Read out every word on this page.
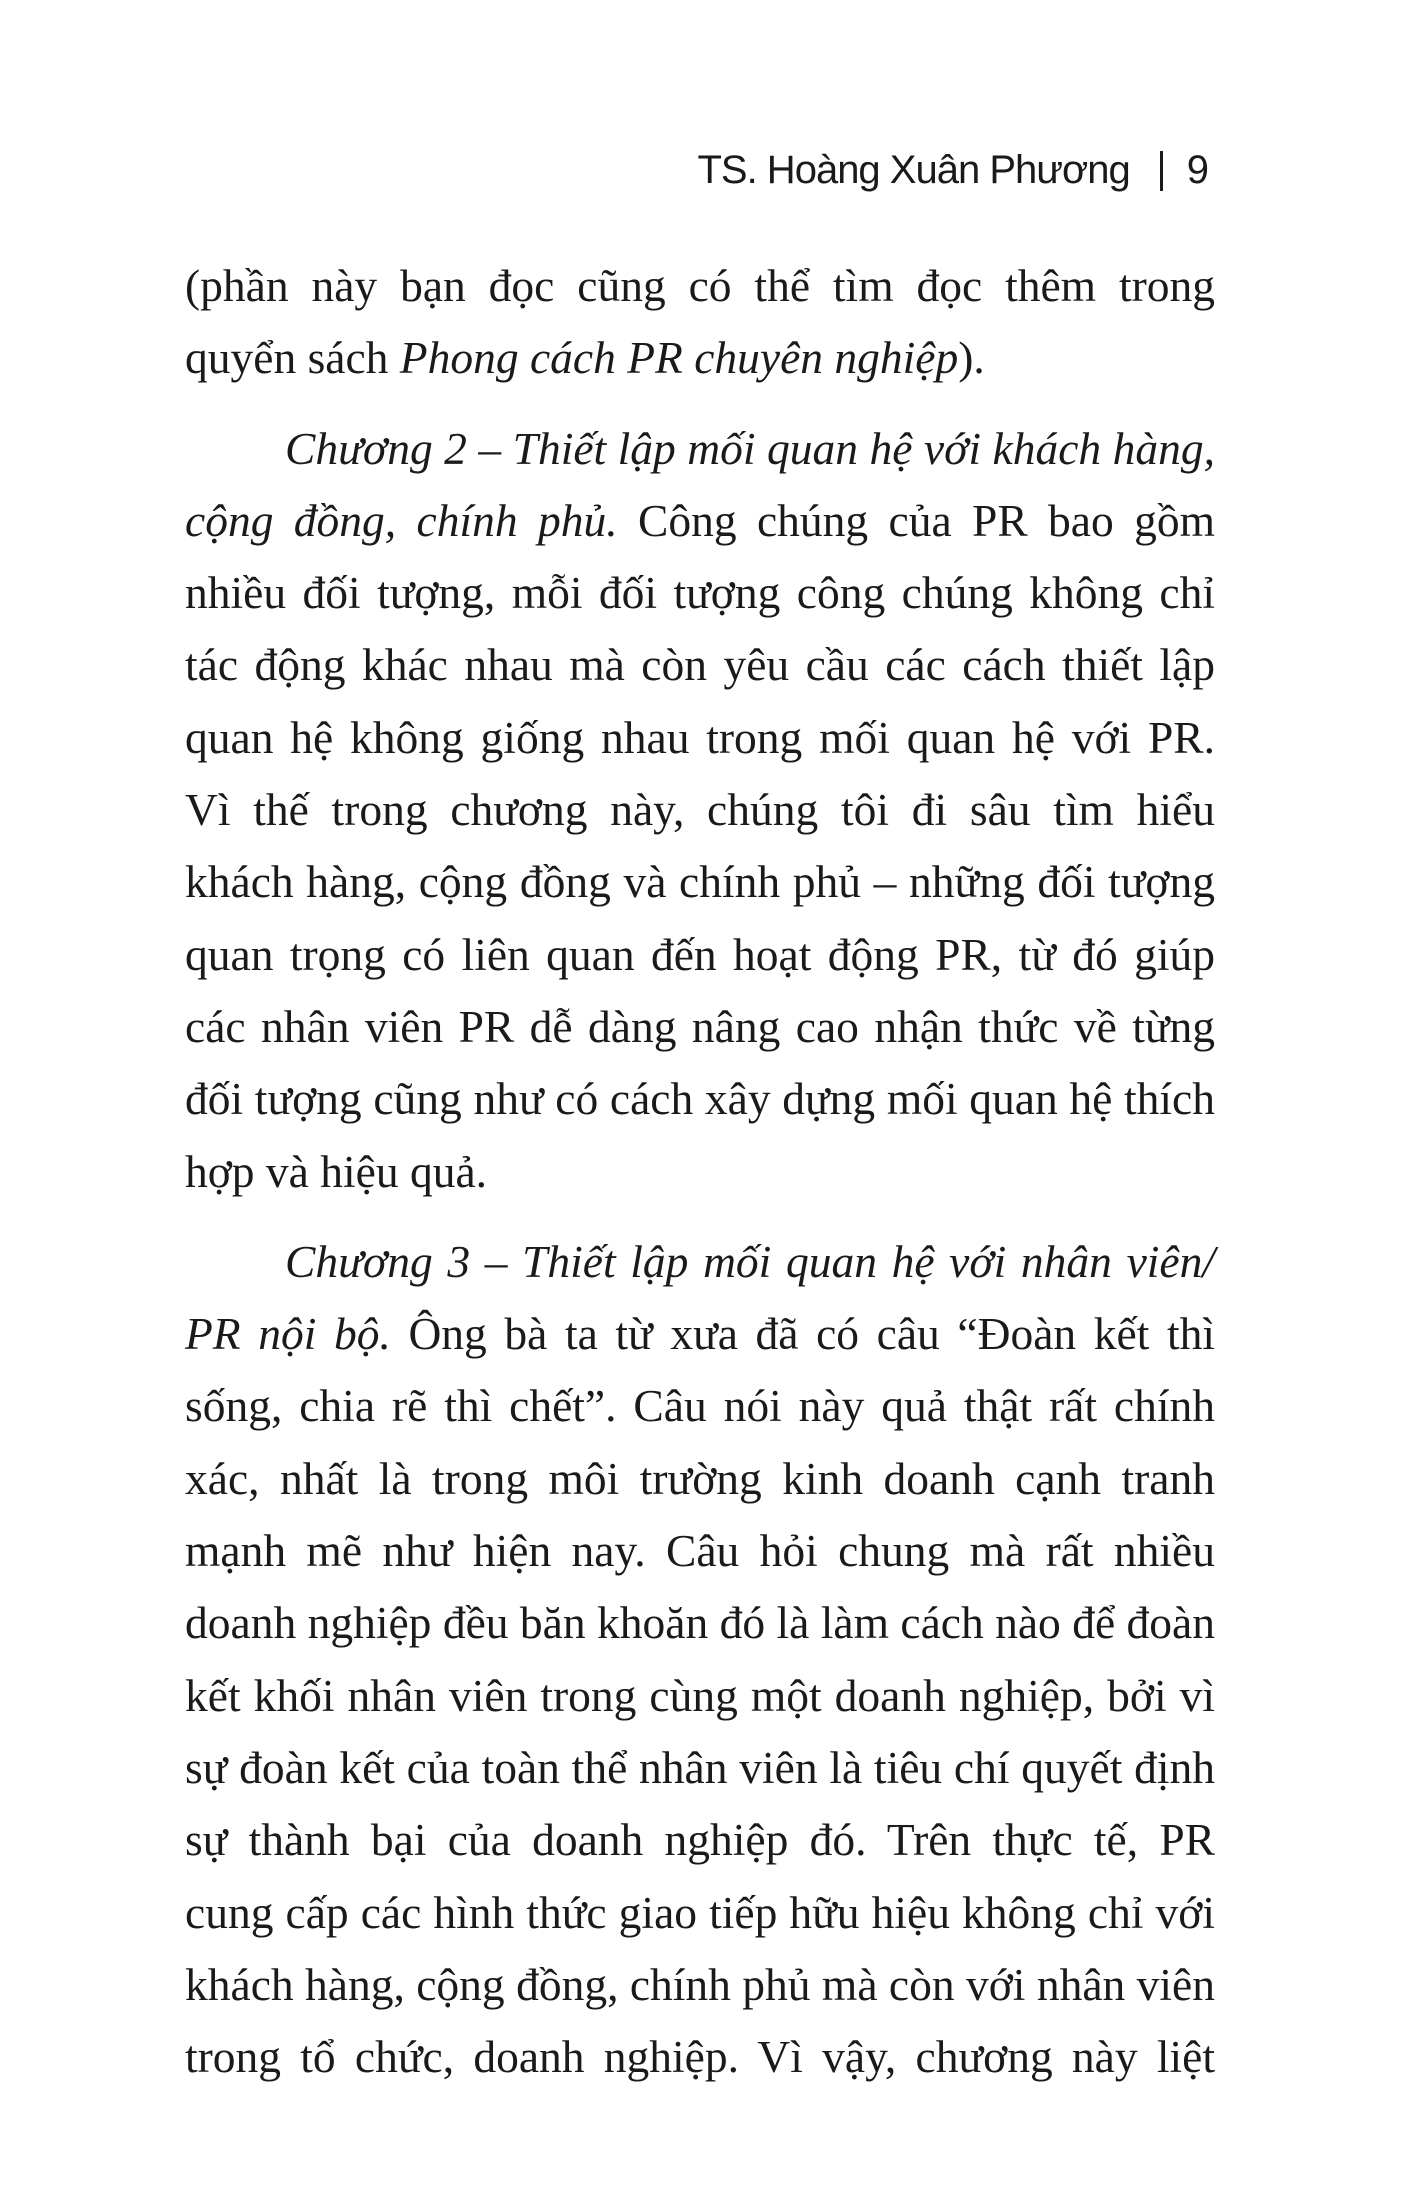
TS. Hoàng Xuân Phương 9

(phần này bạn đọc cũng có thể tìm đọc thêm trong quyển sách Phong cách PR chuyên nghiệp).

Chương 2 – Thiết lập mối quan hệ với khách hàng, cộng đồng, chính phủ. Công chúng của PR bao gồm nhiều đối tượng, mỗi đối tượng công chúng không chỉ tác động khác nhau mà còn yêu cầu các cách thiết lập quan hệ không giống nhau trong mối quan hệ với PR. Vì thế trong chương này, chúng tôi đi sâu tìm hiểu khách hàng, cộng đồng và chính phủ – những đối tượng quan trọng có liên quan đến hoạt động PR, từ đó giúp các nhân viên PR dễ dàng nâng cao nhận thức về từng đối tượng cũng như có cách xây dựng mối quan hệ thích hợp và hiệu quả.

Chương 3 – Thiết lập mối quan hệ với nhân viên/ PR nội bộ. Ông bà ta từ xưa đã có câu “Đoàn kết thì sống, chia rẽ thì chết”. Câu nói này quả thật rất chính xác, nhất là trong môi trường kinh doanh cạnh tranh mạnh mẽ như hiện nay. Câu hỏi chung mà rất nhiều doanh nghiệp đều băn khoăn đó là làm cách nào để đoàn kết khối nhân viên trong cùng một doanh nghiệp, bởi vì sự đoàn kết của toàn thể nhân viên là tiêu chí quyết định sự thành bại của doanh nghiệp đó. Trên thực tế, PR cung cấp các hình thức giao tiếp hữu hiệu không chỉ với khách hàng, cộng đồng, chính phủ mà còn với nhân viên trong tổ chức, doanh nghiệp. Vì vậy, chương này liệt
